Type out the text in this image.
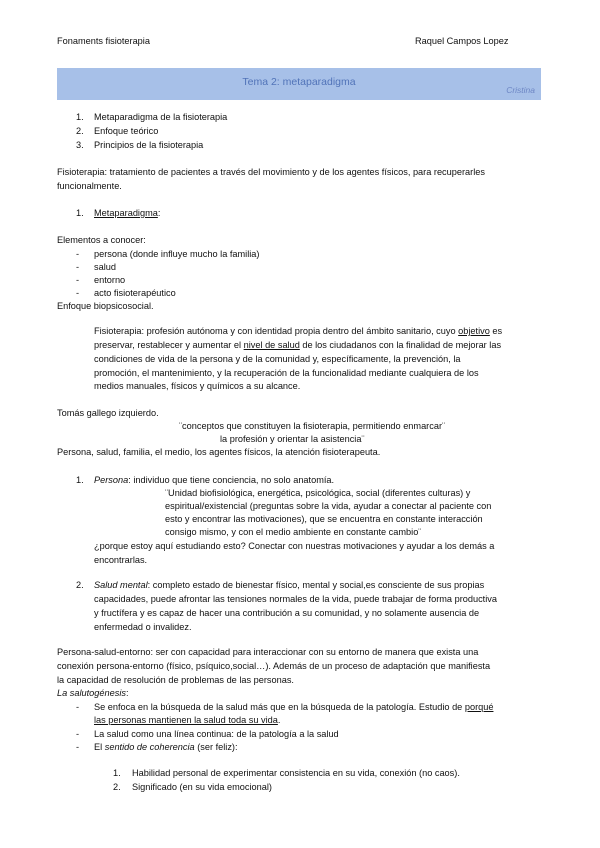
Fonaments fisioterapia	Raquel Campos Lopez
Tema 2: metaparadigma
Cristina
1. Metaparadigma de la fisioterapia
2. Enfoque teórico
3. Principios de la fisioterapia
Fisioterapia: tratamiento de pacientes a través del movimiento y de los agentes físicos, para recuperarles
funcionalmente.
1. Metaparadigma:
Elementos a conocer:
- persona (donde influye mucho la familia)
- salud
- entorno
- acto fisioterapéutico
Enfoque biopsicosocial.
Fisioterapia: profesión autónoma y con identidad propia dentro del ámbito sanitario, cuyo objetivo es
preservar, restablecer y aumentar el nivel de salud de los ciudadanos con la finalidad de mejorar las
condiciones de vida de la persona y de la comunidad y, específicamente, la prevención, la
promoción, el mantenimiento, y la recuperación de la funcionalidad mediante cualquiera de los
medios manuales, físicos y químicos a su alcance.
Tomás gallego izquierdo.
¨conceptos que constituyen la fisioterapia, permitiendo enmarcar¨
la profesión y orientar la asistencia¨
Persona, salud, familia, el medio, los agentes físicos, la atención fisioterapeuta.
1. Persona: individuo que tiene conciencia, no solo anatomía.
¨Unidad biofisiológica, energética, psicológica, social (diferentes culturas) y
espiritual/existencial (preguntas sobre la vida, ayudar a conectar al paciente con
esto y encontrar las motivaciones), que se encuentra en constante interacción
consigo mismo, y con el medio ambiente en constante cambio¨
¿porque estoy aquí estudiando esto? Conectar con nuestras motivaciones y ayudar a los demás a
encontrarlas.
2. Salud mental: completo estado de bienestar físico, mental y social,es consciente de sus propias
capacidades, puede afrontar las tensiones normales de la vida, puede trabajar de forma productiva
y fructífera y es capaz de hacer una contribución a su comunidad, y no solamente ausencia de
enfermedad o invalidez.
Persona-salud-entorno: ser con capacidad para interaccionar con su entorno de manera que exista una
conexión persona-entorno (físico, psíquico,social…). Además de un proceso de adaptación que manifiesta
la capacidad de resolución de problemas de las personas.
La salutogénesis:
- Se enfoca en la búsqueda de la salud más que en la búsqueda de la patología. Estudio de porqué
las personas mantienen la salud toda su vida.
- La salud como una línea continua: de la patología a la salud
- El sentido de coherencia (ser feliz):
1. Habilidad personal de experimentar consistencia en su vida, conexión (no caos).
2. Significado (en su vida emocional)
